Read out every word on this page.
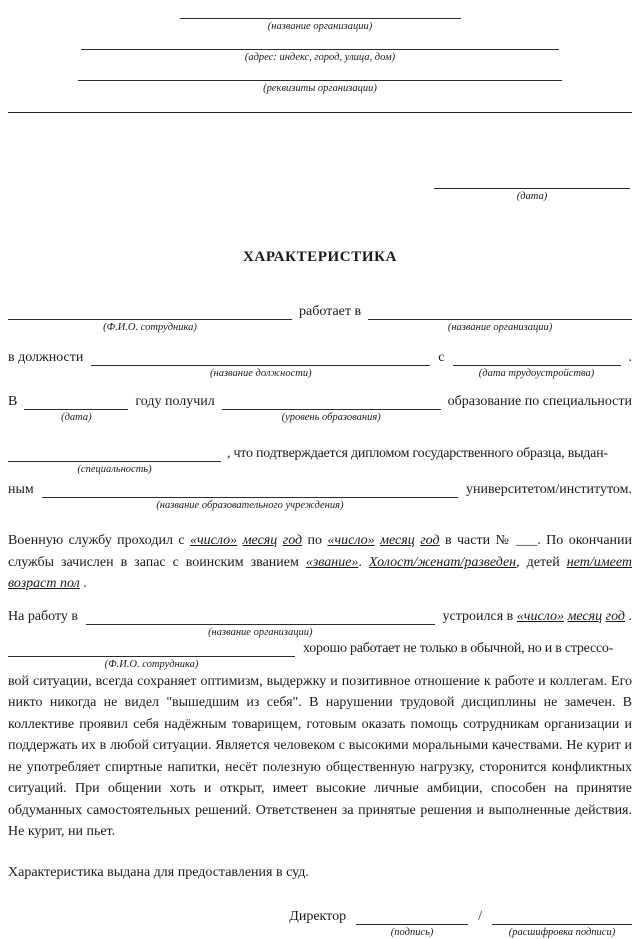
(название организации)
(адрес: индекс, город, улица, дом)
(реквизиты организации)
(дата)
ХАРАКТЕРИСТИКА
(Ф.И.О. сотрудника)
работает в
(название организации)
в должности
(название должности)
с
(дата трудоустройства)
.
В
(дата)
году получил
(уровень образования)
образование по специальности
(специальность)
, что подтверждается дипломом государственного образца, выдан-
ным
(название образовательного учреждения)
университетом/институтом.
Военную службу проходил с «число» месяц год по «число» месяц год в части № ___. По окончании службы зачислен в запас с воинским званием «звание». Холост/женат/разведен, детей нет/имеет возраст пол .
На работу в
(название организации)
устроился в «число» месяц год .
(Ф.И.О. сотрудника)
хорошо работает не только в обычной, но и в стрессо-
вой ситуации, всегда сохраняет оптимизм, выдержку и позитивное отношение к работе и коллегам. Его никто никогда не видел "вышедшим из себя". В нарушении трудовой дисциплины не замечен. В коллективе проявил себя надёжным товарищем, готовым оказать помощь сотрудникам организации и поддержать их в любой ситуации. Является человеком с высокими моральными качествами. Не курит и не употребляет спиртные напитки, несёт полезную общественную нагрузку, сторонится конфликтных ситуаций. При общении хоть и открыт, имеет высокие личные амбиции, способен на принятие обдуманных самостоятельных решений. Ответственен за принятые решения и выполненные действия. Не курит, ни пьет.
Характеристика выдана для предоставления в суд.
Директор
(подпись)
/
(расшифровка подписи)
